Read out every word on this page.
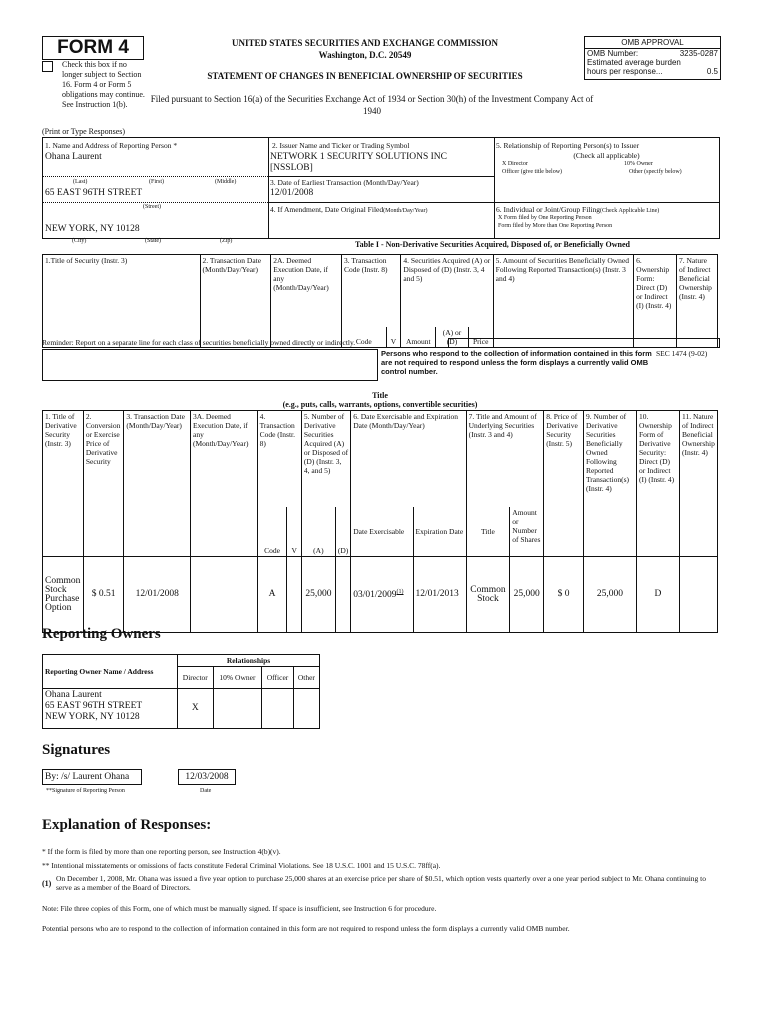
FORM 4
Check this box if no longer subject to Section 16. Form 4 or Form 5 obligations may continue. See Instruction 1(b).
UNITED STATES SECURITIES AND EXCHANGE COMMISSION
Washington, D.C. 20549
STATEMENT OF CHANGES IN BENEFICIAL OWNERSHIP OF SECURITIES
Filed pursuant to Section 16(a) of the Securities Exchange Act of 1934 or Section 30(h) of the Investment Company Act of 1940
OMB APPROVAL
OMB Number:	3235-0287
Estimated average burden
hours per response...	0.5
(Print or Type Responses)
1. Name and Address of Reporting Person *
Ohana Laurent
(Last)	(First)	(Middle)
65 EAST 96TH STREET
(Street)
NEW YORK, NY 10128
2. Issuer Name and Ticker or Trading Symbol
NETWORK 1 SECURITY SOLUTIONS INC
[NSSLOB]
3. Date of Earliest Transaction (Month/Day/Year)
12/01/2008
4. If Amendment, Date Original Filed(Month/Day/Year)
5. Relationship of Reporting Person(s) to Issuer
(Check all applicable)
X Director	10% Owner
Officer (give title below)	Other (specify below)
6. Individual or Joint/Group Filing(Check Applicable Line)
X Form filed by One Reporting Person
Form filed by More than One Reporting Person
(City)	(State)	(Zip)	Table I - Non-Derivative Securities Acquired, Disposed of, or Beneficially Owned
1.Title of Security (Instr. 3)	2. Transaction Date (Month/Day/Year)	2A. Deemed Execution Date, if any (Month/Day/Year)	3. Transaction Code (Instr. 8)		4. Securities Acquired (A) or Disposed of (D) (Instr. 3, 4 and 5)			5. Amount of Securities Beneficially Owned Following Reported Transaction(s) (Instr. 3 and 4)	6. Ownership Form: Direct (D) or Indirect (I) (Instr. 4)	7. Nature of Indirect Beneficial Ownership (Instr. 4)
			Code	V	Amount	(A) or (D)	Price			
Reminder: Report on a separate line for each class of securities beneficially owned directly or indirectly.
Persons who respond to the collection of information contained in this form are not required to respond unless the form displays a currently valid OMB control number.
SEC 1474 (9-02)
Title
(e.g., puts, calls, warrants, options, convertible securities)
1. Title of Derivative Security (Instr. 3)	2. Conversion or Exercise Price of Derivative Security	3. Transaction Date (Month/Day/Year)	3A. Deemed Execution Date, if any (Month/Day/Year)	4. Transaction Code (Instr. 8)		5. Number of Derivative Securities Acquired (A) or Disposed of (D) (Instr. 3, 4, and 5)		6. Date Exercisable and Expiration Date (Month/Day/Year)		7. Title and Amount of Underlying Securities (Instr. 3 and 4)		8. Price of Derivative Security (Instr. 5)	9. Number of Derivative Securities Beneficially Owned Following Reported Transaction(s) (Instr. 4)	10. Ownership Form of Derivative Security: Direct (D) or Indirect (I) (Instr. 4)	11. Nature of Indirect Beneficial Ownership (Instr. 4)
				Code	V	(A)	(D)	Date Exercisable	Expiration Date	Title	Amount or Number of Shares				

Common Stock Purchase Option	$ 0.51	12/01/2008		A		25,000		03/01/2009$^{(1)}$	12/01/2013	Common Stock	25,000	$ 0	25,000	D	
Reporting Owners
Reporting Owner Name / Address	Relationships			
	Director	10% Owner	Officer	Other

Ohana Laurent
65 EAST 96TH STREET
NEW YORK, NY 10128	X			
Signatures
By: /s/ Laurent Ohana	12/03/2008
**Signature of Reporting Person	Date
Explanation of Responses:
* If the form is filed by more than one reporting person, see Instruction 4(b)(v).
** Intentional misstatements or omissions of facts constitute Federal Criminal Violations. See 18 U.S.C. 1001 and 15 U.S.C. 78ff(a).
(1)
On December 1, 2008, Mr. Ohana was issued a five year option to purchase 25,000 shares at an exercise price per share of $0.51, which option vests quarterly over a one year period subject to Mr. Ohana continuing to serve as a member of the Board of Directors.
Note: File three copies of this Form, one of which must be manually signed. If space is insufficient, see Instruction 6 for procedure.
Potential persons who are to respond to the collection of information contained in this form are not required to respond unless the form displays a currently valid OMB number.
